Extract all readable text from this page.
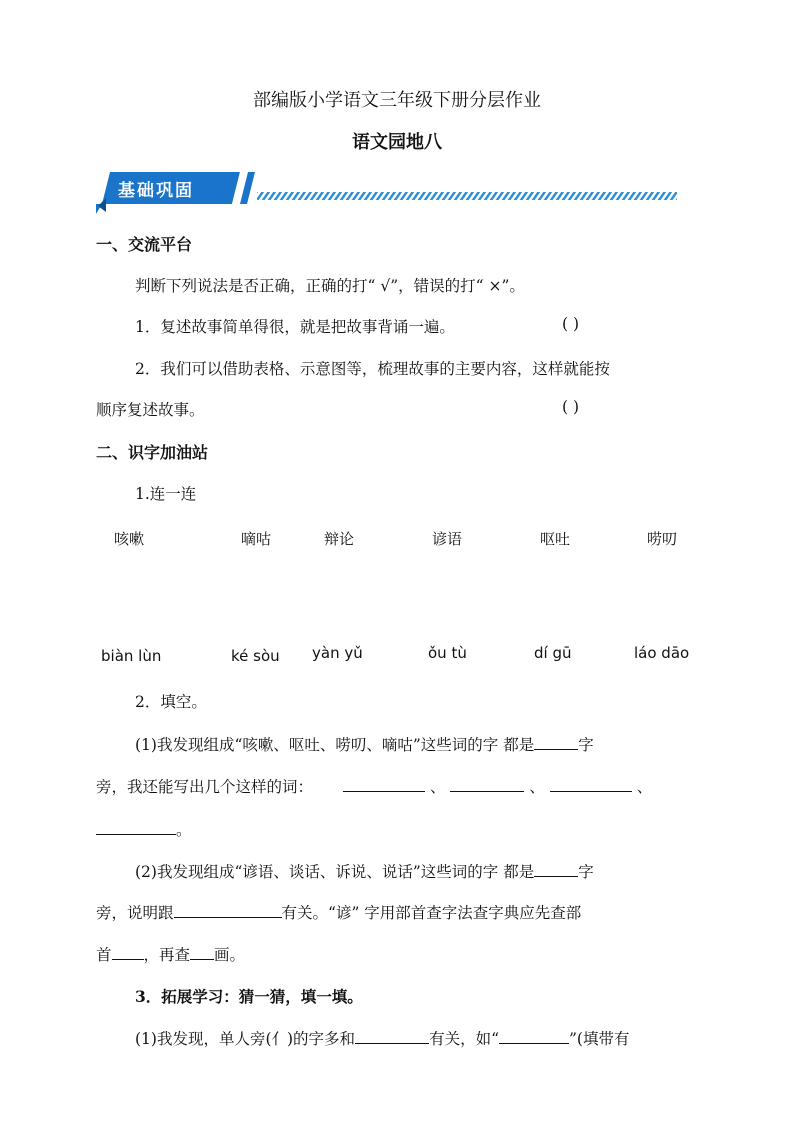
部编版小学语文三年级下册分层作业
语文园地八
基础巩固
一、交流平台
判断下列说法是否正确，正确的打“ √”，错误的打“ ×”。
1．复述故事简单得很，就是把故事背诵一遍。	( )
2．我们可以借助表格、示意图等，梳理故事的主要内容，这样就能按
顺序复述故事。	( )
二、识字加油站
1.连一连
咳嗽	嘀咕	辩论	谚语	呕吐	唠叨
biàn lùn	ké sòu yàn yǔ	ǒu tù	dí gū	láo dāo
2．填空。
(1)我发现组成“咳嗽、呕吐、唠叨、嘀咕”这些词的字 都是	字
旁，我还能写出几个这样的词：	、	、	、
。
(2)我发现组成“谚语、谈话、诉说、说话”这些词的字 都是	字
旁，说明跟	有关。“谚” 字用部首查字法查字典应先查部
首 ，再查 画。
3．拓展学习：猜一猜，填一填。
(1)我发现，单人旁(亻)的字多和	有关，如“	”(填带有
